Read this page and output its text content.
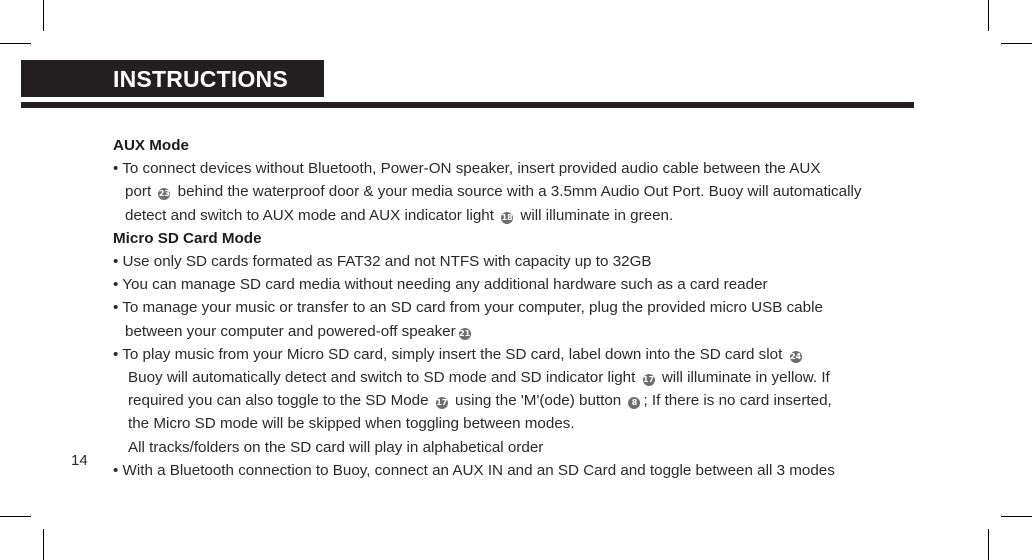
INSTRUCTIONS
AUX Mode
• To connect devices without Bluetooth, Power-ON speaker, insert provided audio cable between the AUX
port 23 behind the waterproof door & your media source with a 3.5mm Audio Out Port. Buoy will automatically
detect and switch to AUX mode and AUX indicator light 18 will illuminate in green.
Micro SD Card Mode
• Use only SD cards formated as FAT32 and not NTFS with capacity up to 32GB
• You can manage SD card media without needing any additional hardware such as a card reader
• To manage your music or transfer to an SD card from your computer, plug the provided micro USB cable
between your computer and powered-off speaker 21
• To play music from your Micro SD card, simply insert the SD card, label down into the SD card slot 24
Buoy will automatically detect and switch to SD mode and SD indicator light 17 will illuminate in yellow. If
required you can also toggle to the SD Mode 17 using the 'M'(ode) button 8 ; If there is no card inserted,
the Micro SD mode will be skipped when toggling between modes.
All tracks/folders on the SD card will play in alphabetical order
• With a Bluetooth connection to Buoy, connect an AUX IN and an SD Card and toggle between all 3 modes
14
